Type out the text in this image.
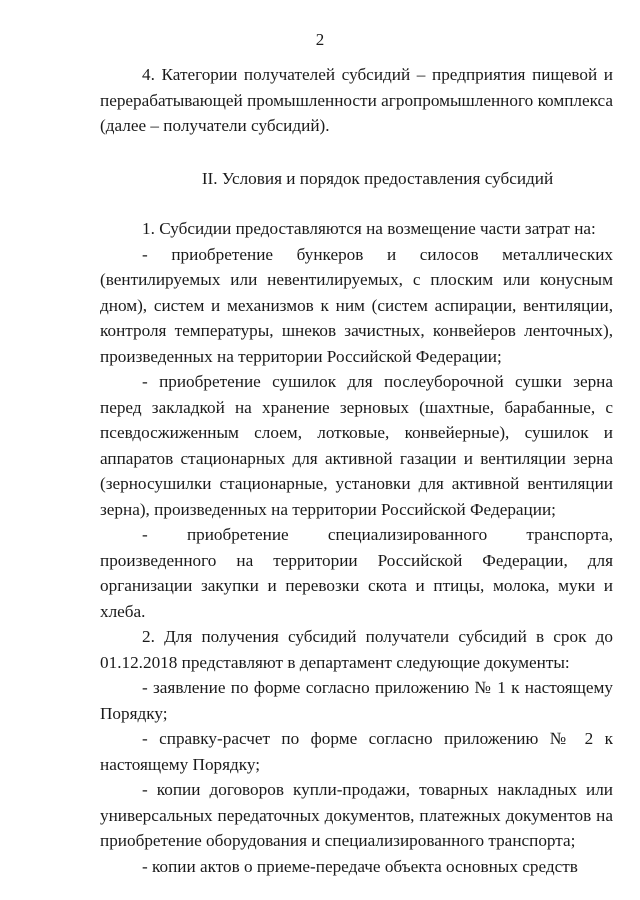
2

4. Категории получателей субсидий – предприятия пищевой и перерабатывающей промышленности агропромышленного комплекса (далее – получатели субсидий).

II. Условия и порядок предоставления субсидий

1. Субсидии предоставляются на возмещение части затрат на:

- приобретение бункеров и силосов металлических (вентилируемых или невентилируемых, с плоским или конусным дном), систем и механизмов к ним (систем аспирации, вентиляции, контроля температуры, шнеков зачистных, конвейеров ленточных), произведенных на территории Российской Федерации;

- приобретение сушилок для послеуборочной сушки зерна перед закладкой на хранение зерновых (шахтные, барабанные, с псевдосжиженным слоем, лотковые, конвейерные), сушилок и аппаратов стационарных для активной газации и вентиляции зерна (зерносушилки стационарные, установки для активной вентиляции зерна), произведенных на территории Российской Федерации;

- приобретение специализированного транспорта, произведенного на территории Российской Федерации, для организации закупки и перевозки скота и птицы, молока, муки и хлеба.

2. Для получения субсидий получатели субсидий в срок до 01.12.2018 представляют в департамент следующие документы:

- заявление по форме согласно приложению № 1 к настоящему Порядку;

- справку-расчет по форме согласно приложению № 2 к настоящему Порядку;

- копии договоров купли-продажи, товарных накладных или универсальных передаточных документов, платежных документов на приобретение оборудования и специализированного транспорта;

- копии актов о приеме-передаче объекта основных средств
